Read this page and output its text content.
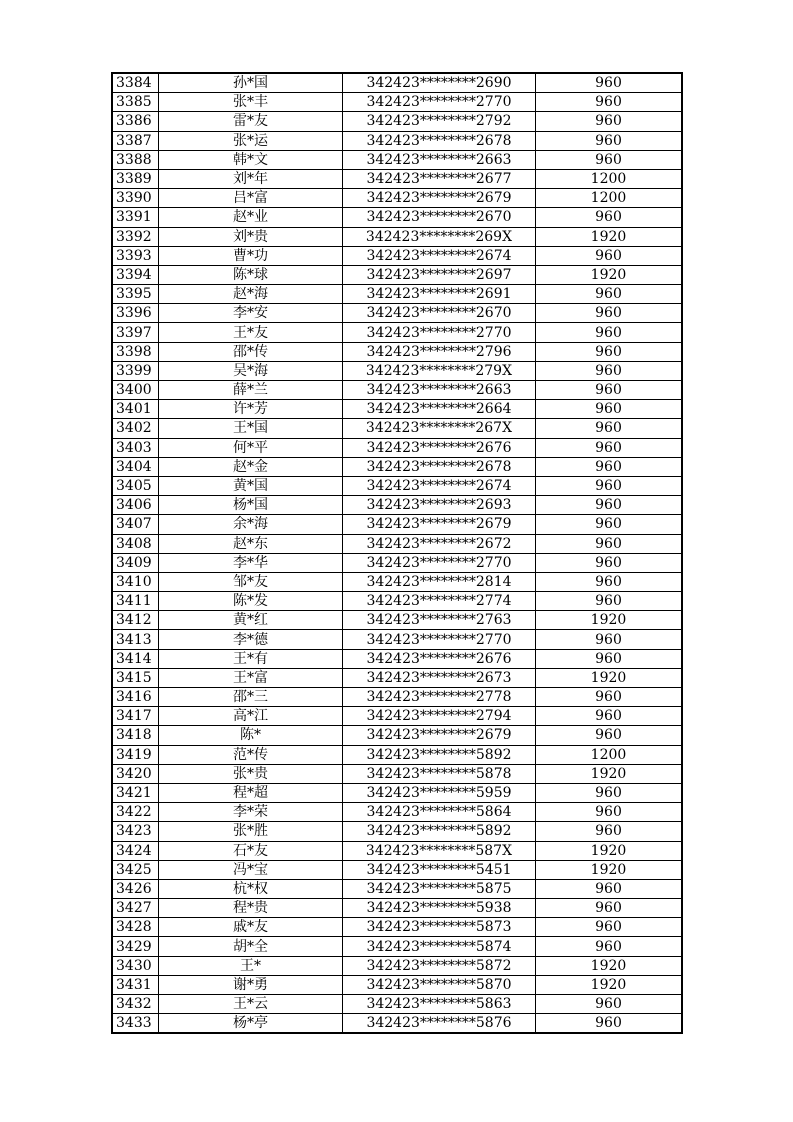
3384	孙*国	342423********2690	960
3385	张*丰	342423********2770	960
3386	雷*友	342423********2792	960
3387	张*运	342423********2678	960
3388	韩*文	342423********2663	960
3389	刘*年	342423********2677	1200
3390	吕*富	342423********2679	1200
3391	赵*业	342423********2670	960
3392	刘*贵	342423********269X	1920
3393	曹*功	342423********2674	960
3394	陈*球	342423********2697	1920
3395	赵*海	342423********2691	960
3396	李*安	342423********2670	960
3397	王*友	342423********2770	960
3398	邵*传	342423********2796	960
3399	吴*海	342423********279X	960
3400	薛*兰	342423********2663	960
3401	许*芳	342423********2664	960
3402	王*国	342423********267X	960
3403	何*平	342423********2676	960
3404	赵*金	342423********2678	960
3405	黄*国	342423********2674	960
3406	杨*国	342423********2693	960
3407	余*海	342423********2679	960
3408	赵*东	342423********2672	960
3409	李*华	342423********2770	960
3410	邹*友	342423********2814	960
3411	陈*发	342423********2774	960
3412	黄*红	342423********2763	1920
3413	李*德	342423********2770	960
3414	王*有	342423********2676	960
3415	王*富	342423********2673	1920
3416	邵*三	342423********2778	960
3417	高*江	342423********2794	960
3418	陈*	342423********2679	960
3419	范*传	342423********5892	1200
3420	张*贵	342423********5878	1920
3421	程*超	342423********5959	960
3422	李*荣	342423********5864	960
3423	张*胜	342423********5892	960
3424	石*友	342423********587X	1920
3425	冯*宝	342423********5451	1920
3426	杭*权	342423********5875	960
3427	程*贵	342423********5938	960
3428	戚*友	342423********5873	960
3429	胡*全	342423********5874	960
3430	王*	342423********5872	1920
3431	谢*勇	342423********5870	1920
3432	王*云	342423********5863	960
3433	杨*亭	342423********5876	960
